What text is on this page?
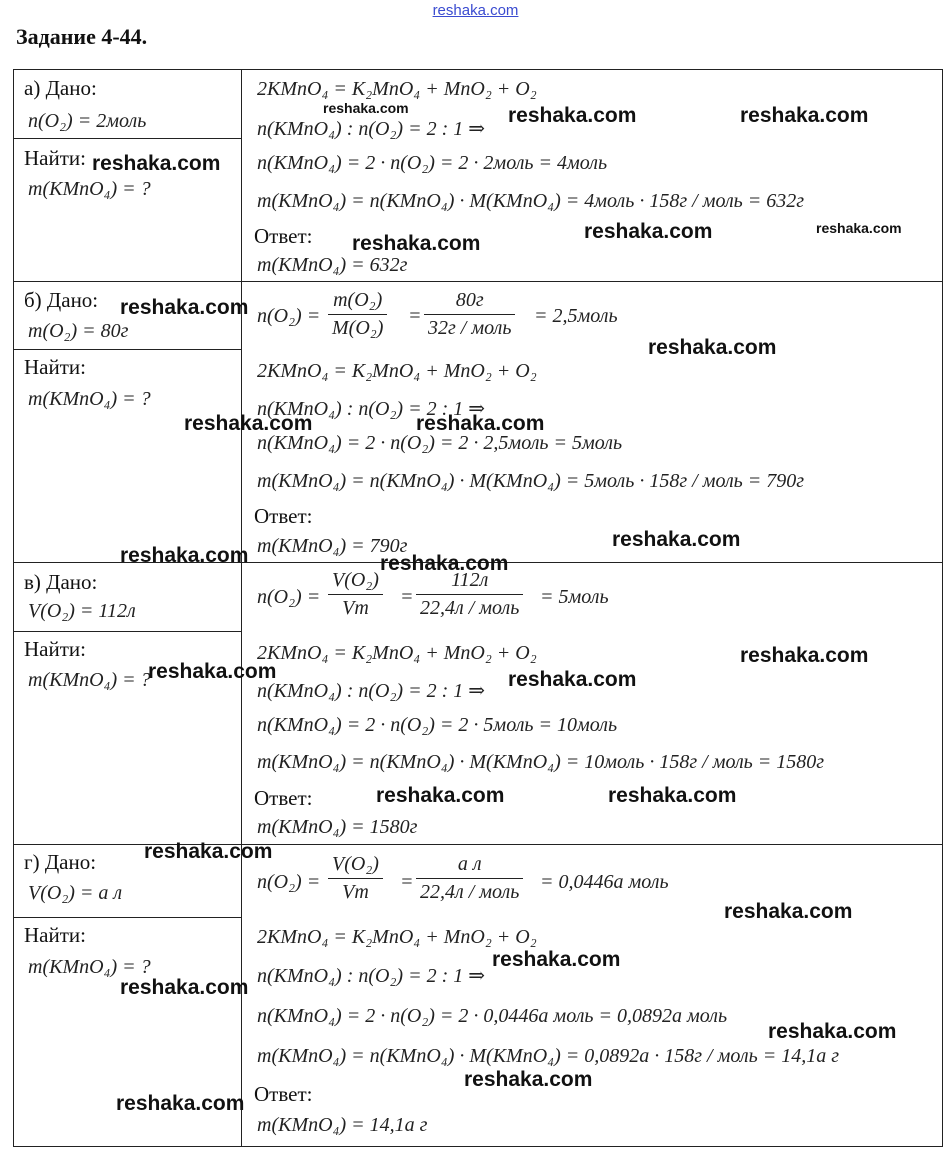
reshaka.com
Задание 4-44.
а) Дано:
n(O₂) = 2моль
Найти:
m(KMnO₄) = ?
2KMnO₄ = K₂MnO₄ + MnO₂ + O₂
n(KMnO₄) : n(O₂) = 2 : 1 ⇒
n(KMnO₄) = 2 · n(O₂) = 2 · 2моль = 4моль
m(KMnO₄) = n(KMnO₄) · M(KMnO₄) = 4моль · 158г / моль = 632г
Ответ:
m(KMnO₄) = 632г
б) Дано:
m(O₂) = 80г
Найти:
m(KMnO₄) = ?
$n(O_2) = \frac{\text{m(O₂)}}{\text{M(O₂)}}$ =
80г
32г / моль
= 2,5моль
2KMnO₄ = K₂MnO₄ + MnO₂ + O₂
n(KMnO₄) : n(O₂) = 2 : 1 ⇒
n(KMnO₄) = 2 · n(O₂) = 2 · 2,5моль = 5моль
m(KMnO₄) = n(KMnO₄) · M(KMnO₄) = 5моль · 158г / моль = 790г
Ответ:
m(KMnO₄) = 790г
в) Дано:
V(O₂) = 112л
Найти:
m(KMnO₄) = ?
$n(O_2) = \frac{\text{V(O₂)}}{Vm}$ =
112л
22,4л / моль = 5моль
2KMnO₄ = K₂MnO₄ + MnO₂ + O₂
n(KMnO₄) : n(O₂) = 2 : 1 ⇒
n(KMnO₄) = 2 · n(O₂) = 2 · 5моль = 10моль
m(KMnO₄) = n(KMnO₄) · M(KMnO₄) = 10моль · 158г / моль = 1580г
Ответ:
m(KMnO₄) = 1580г
г) Дано:
V(O₂) = a л
Найти:
m(KMnO₄) = ?
$n(O_2) = \frac{\text{V(O₂)}}{Vm}$ =
a л
22,4л / моль = 0,0446a моль
2KMnO₄ = K₂MnO₄ + MnO₂ + O₂
n(KMnO₄) : n(O₂) = 2 : 1 ⇒
n(KMnO₄) = 2 · n(O₂) = 2 · 0,0446a моль = 0,0892a моль
m(KMnO₄) = n(KMnO₄) · M(KMnO₄) = 0,0892a · 158г / моль = 14,1a г
Ответ:
m(KMnO₄) = 14,1a г
reshaka.com	reshaka.com
reshaka.com
reshaka.com
reshaka.com
reshaka.com	reshaka.com
reshaka.com
reshaka.com
reshaka.com	reshaka.com
reshaka.com	reshaka.com
reshaka.com
reshaka.com
reshaka.com	reshaka.com
reshaka.com	reshaka.com
reshaka.com
reshaka.com
reshaka.com
reshaka.com
reshaka.com
reshaka.com
reshaka.com
